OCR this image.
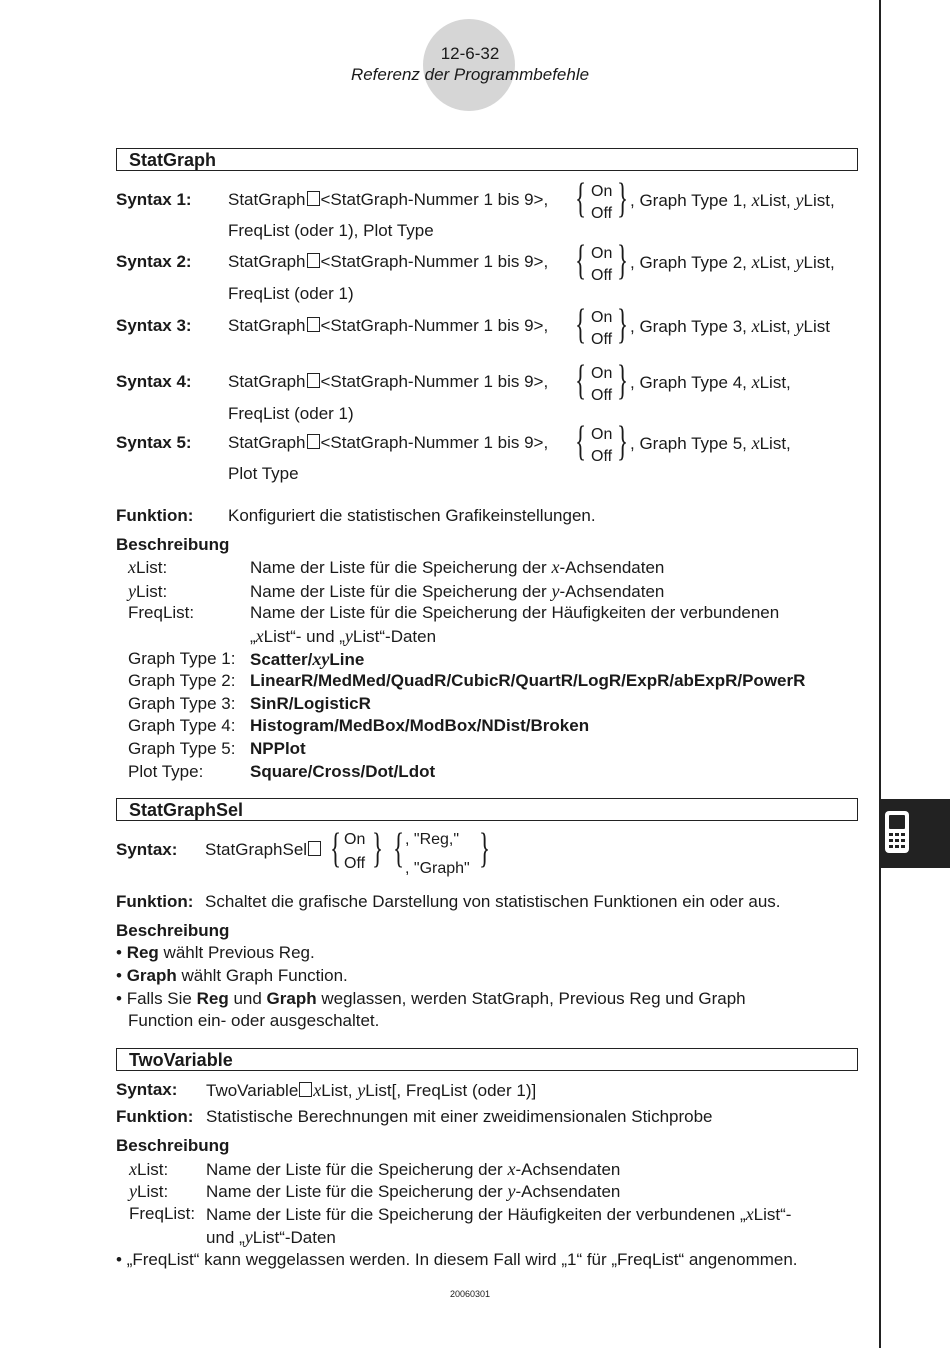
12-6-32
Referenz der Programmbefehle
StatGraph
Syntax 1: StatGraph <StatGraph-Nummer 1 bis 9>, { On
Off } , Graph Type 1, xList, yList,
FreqList (oder 1), Plot Type
Syntax 2: StatGraph <StatGraph-Nummer 1 bis 9>, { On
Off } , Graph Type 2, xList, yList,
FreqList (oder 1)
Syntax 3: StatGraph <StatGraph-Nummer 1 bis 9>, { On
Off } , Graph Type 3, xList, yList
Syntax 4: StatGraph <StatGraph-Nummer 1 bis 9>, { On
Off } , Graph Type 4, xList,
FreqList (oder 1)
Syntax 5: StatGraph <StatGraph-Nummer 1 bis 9>, { On
Off } , Graph Type 5, xList,
Plot Type
Funktion: Konfiguriert die statistischen Grafikeinstellungen.
Beschreibung
xList:	Name der Liste für die Speicherung der x-Achsendaten
yList:	Name der Liste für die Speicherung der y-Achsendaten
FreqList:	Name der Liste für die Speicherung der Häufigkeiten der verbundenen
„xList“- und „yList“-Daten
Graph Type 1: Scatter/xyLine
Graph Type 2: LinearR/MedMed/QuadR/CubicR/QuartR/LogR/ExpR/abExpR/PowerR
Graph Type 3: SinR/LogisticR
Graph Type 4: Histogram/MedBox/ModBox/NDist/Broken
Graph Type 5: NPPlot
Plot Type:	Square/Cross/Dot/Ldot
StatGraphSel
Syntax: StatGraphSel { On
Off } { , "Reg,"
, "Graph" }
Funktion: Schaltet die grafische Darstellung von statistischen Funktionen ein oder aus.
Beschreibung
• Reg wählt Previous Reg.
• Graph wählt Graph Function.
• Falls Sie Reg und Graph weglassen, werden StatGraph, Previous Reg und Graph
Function ein- oder ausgeschaltet.
TwoVariable
Syntax: TwoVariable xList, yList[, FreqList (oder 1)]
Funktion: Statistische Berechnungen mit einer zweidimensionalen Stichprobe
Beschreibung
xList: Name der Liste für die Speicherung der x-Achsendaten
yList: Name der Liste für die Speicherung der y-Achsendaten
FreqList: Name der Liste für die Speicherung der Häufigkeiten der verbundenen „xList“-
und „yList“-Daten
• „FreqList“ kann weggelassen werden. In diesem Fall wird „1“ für „FreqList“ angenommen.
20060301
